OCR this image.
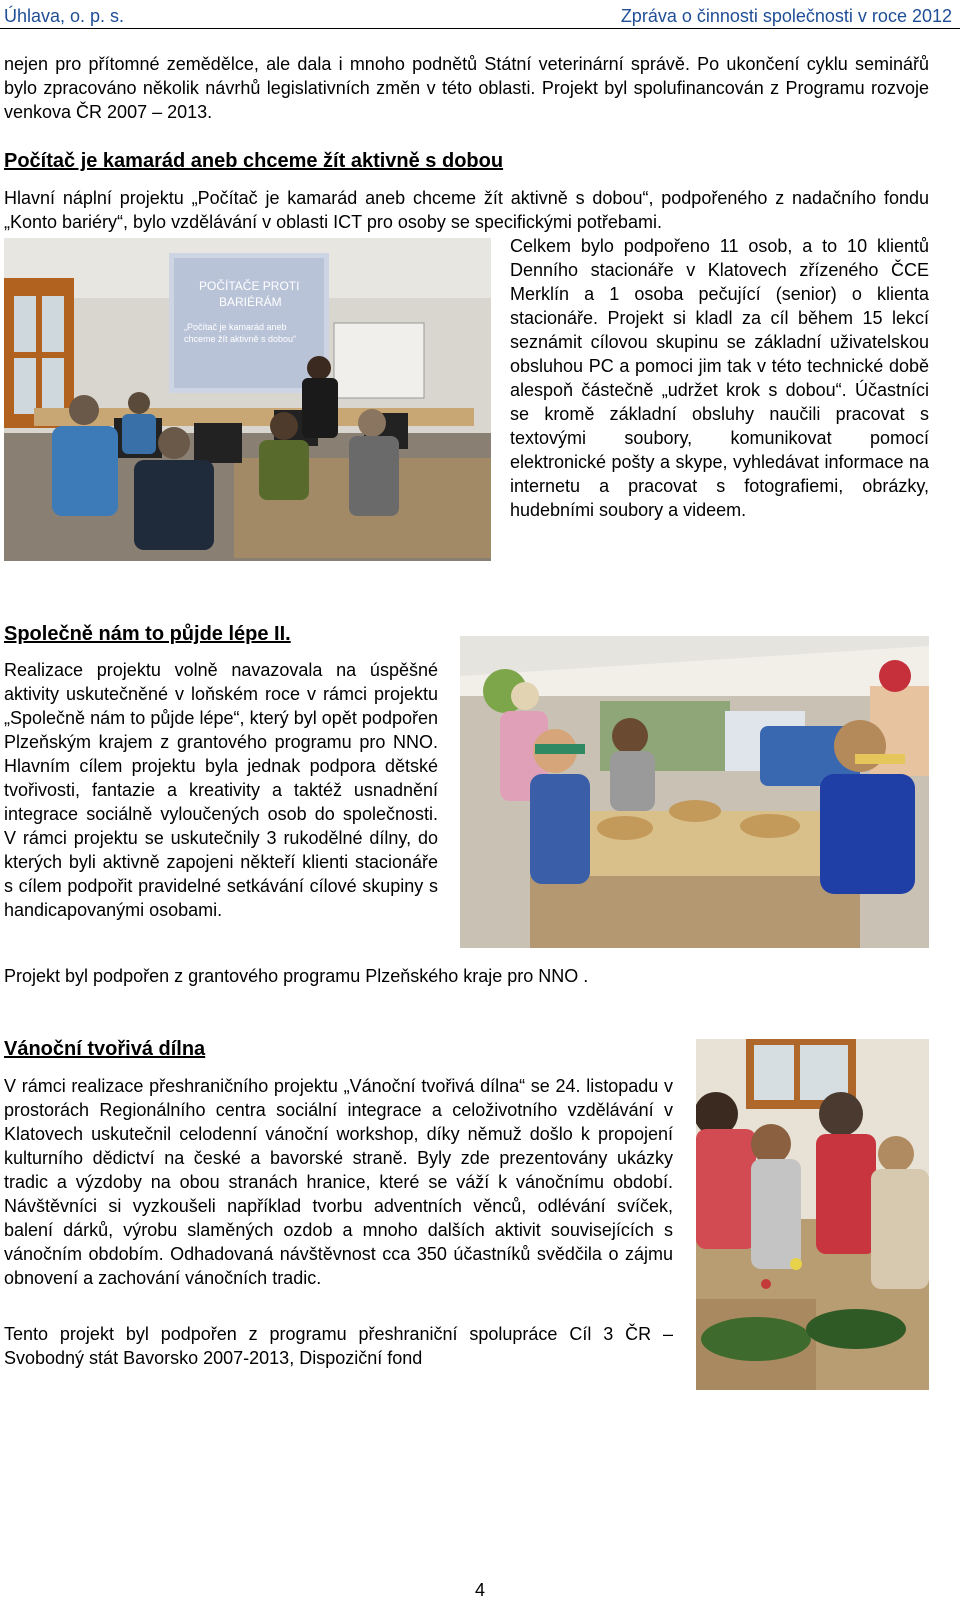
Úhlava, o. p. s.	Zpráva o činnosti společnosti v roce 2012

nejen pro přítomné zemědělce, ale dala i mnoho podnětů Státní veterinární správě. Po ukončení cyklu seminářů bylo zpracováno několik návrhů legislativních změn v této oblasti. Projekt byl spolufinancován z Programu rozvoje venkova ČR 2007 – 2013.

Počítač je kamarád aneb chceme žít aktivně s dobou

Hlavní náplní projektu „Počítač je kamarád aneb chceme žít aktivně s dobou“, podpořeného z nadačního fondu „Konto bariéry“, bylo vzdělávání v oblasti ICT pro osoby se specifickými potřebami.

POČÍTAČE PROTI
BARIÉRÁM
„Počítač je kamarád aneb
chceme žít aktivně s dobou“

Celkem bylo podpořeno 11 osob, a to 10 klientů Denního stacionáře v Klatovech zřízeného ČCE Merklín a 1 osoba pečující (senior) o klienta stacionáře. Projekt si kladl za cíl během 15 lekcí seznámit cílovou skupinu se základní uživatelskou obsluhou PC a pomoci jim tak v této technické době alespoň částečně „udržet krok s dobou“. Účastníci se kromě základní obsluhy naučili pracovat s textovými soubory, komunikovat pomocí elektronické pošty a skype, vyhledávat informace na internetu a pracovat s fotografiemi, obrázky, hudebními soubory a videem.

Společně nám to půjde lépe II.

Realizace projektu volně navazovala na úspěšné aktivity uskutečněné v loňském roce v rámci projektu „Společně nám to půjde lépe“, který byl opět podpořen Plzeňským krajem z grantového programu pro NNO. Hlavním cílem projektu byla jednak podpora dětské tvořivosti, fantazie a kreativity a taktéž usnadnění integrace sociálně vyloučených osob do společnosti. V rámci projektu se uskutečnily 3 rukodělné dílny, do kterých byli aktivně zapojeni někteří klienti stacionáře s cílem podpořit pravidelné setkávání cílové skupiny s handicapovanými osobami.

Projekt byl podpořen z grantového programu Plzeňského kraje pro NNO .

Vánoční tvořivá dílna

V rámci realizace přeshraničního projektu „Vánoční tvořivá dílna“ se 24. listopadu v prostorách Regionálního centra sociální integrace a celoživotního vzdělávání v Klatovech uskutečnil celodenní vánoční workshop, díky němuž došlo k propojení kulturního dědictví na české a bavorské straně. Byly zde prezentovány ukázky tradic a výzdoby na obou stranách hranice, které se váží k vánočnímu období. Návštěvníci si vyzkoušeli například tvorbu adventních věnců, odlévání svíček, balení dárků, výrobu slaměných ozdob a mnoho dalších aktivit souvisejících s vánočním obdobím. Odhadovaná návštěvnost cca 350 účastníků svědčila o zájmu obnovení a zachování vánočních tradic.

Tento projekt byl podpořen z programu přeshraniční spolupráce Cíl 3 ČR – Svobodný stát Bavorsko 2007-2013, Dispoziční fond

4
